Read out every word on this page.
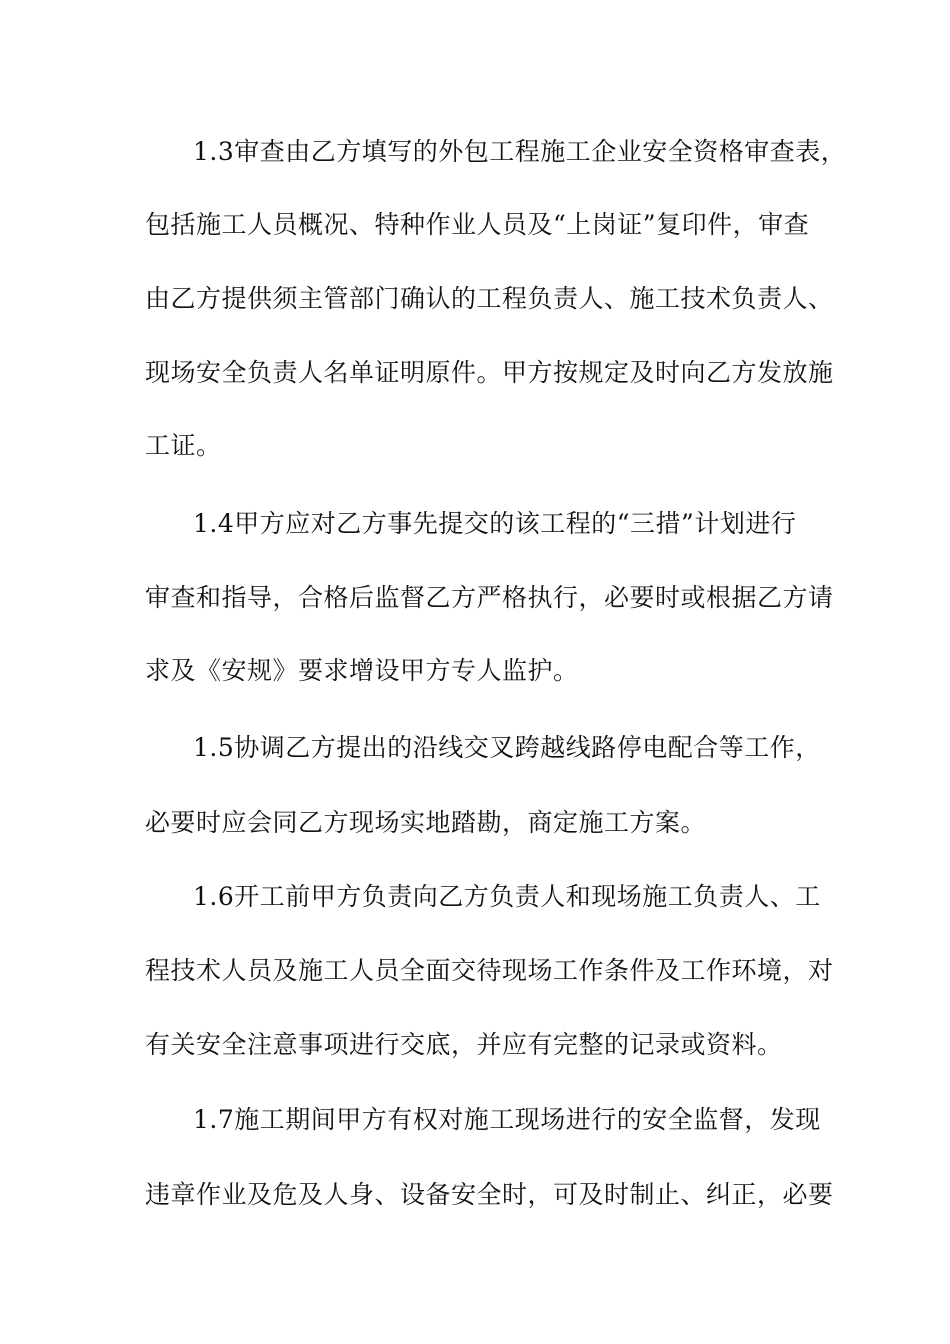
1.3审查由乙方填写的外包工程施工企业安全资格审查表，
包括施工人员概况、特种作业人员及“上岗证”复印件，审查
由乙方提供须主管部门确认的工程负责人、施工技术负责人、
现场安全负责人名单证明原件。甲方按规定及时向乙方发放施
工证。
1.4甲方应对乙方事先提交的该工程的“三措”计划进行
审查和指导，合格后监督乙方严格执行，必要时或根据乙方请
求及《安规》要求增设甲方专人监护。
1.5协调乙方提出的沿线交叉跨越线路停电配合等工作，
必要时应会同乙方现场实地踏勘，商定施工方案。
1.6开工前甲方负责向乙方负责人和现场施工负责人、工
程技术人员及施工人员全面交待现场工作条件及工作环境，对
有关安全注意事项进行交底，并应有完整的记录或资料。
1.7施工期间甲方有权对施工现场进行的安全监督，发现
违章作业及危及人身、设备安全时，可及时制止、纠正，必要
